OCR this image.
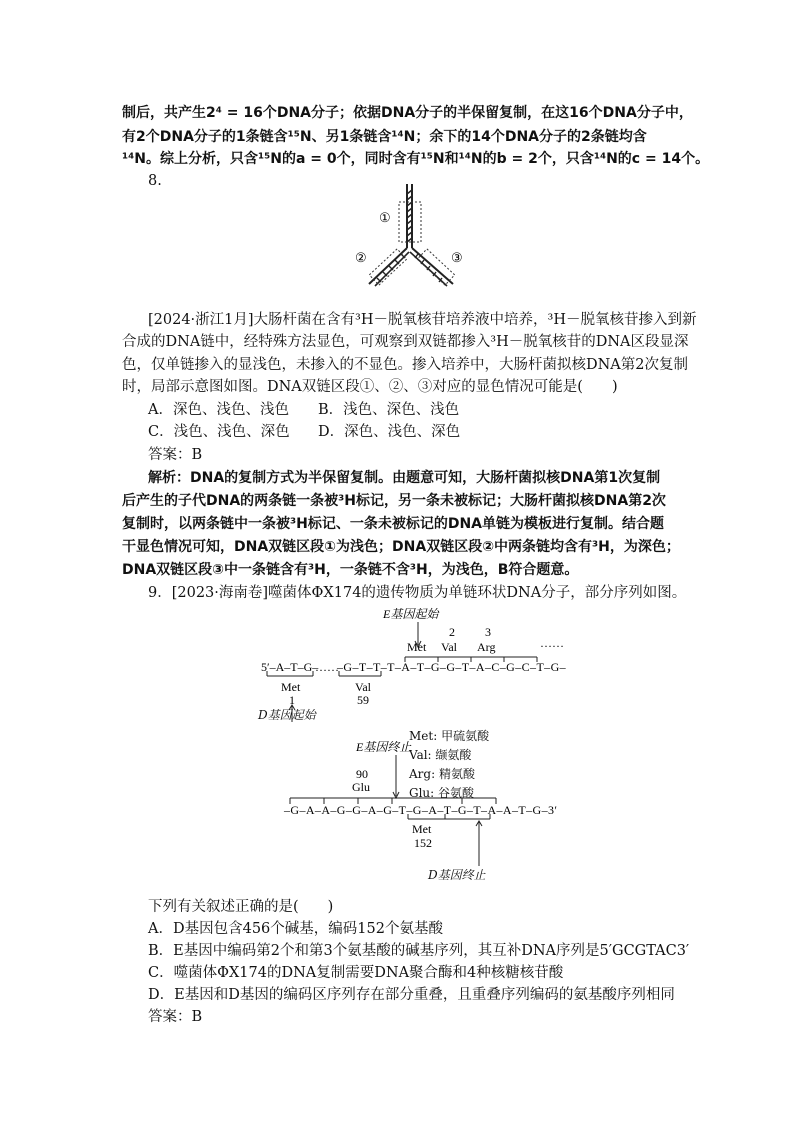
制后，共产生2⁴ = 16个DNA分子；依据DNA分子的半保留复制，在这16个DNA分子中，
有2个DNA分子的1条链含¹⁵N、另1条链含¹⁴N；余下的14个DNA分子的2条链均含
¹⁴N。综上分析，只含¹⁵N的a = 0个，同时含有¹⁵N和¹⁴N的b = 2个，只含¹⁴N的c = 14个。
8.
①
②	③
[2024·浙江1月]大肠杆菌在含有³H－脱氧核苷培养液中培养，³H－脱氧核苷掺入到新
合成的DNA链中，经特殊方法显色，可观察到双链都掺入³H－脱氧核苷的DNA区段显深
色，仅单链掺入的显浅色，未掺入的不显色。掺入培养中，大肠杆菌拟核DNA第2次复制
时，局部示意图如图。DNA双链区段①、②、③对应的显色情况可能是(　　)
A．深色、浅色、浅色 B．浅色、深色、浅色
C．浅色、浅色、深色 D．深色、浅色、深色
答案：B
解析：DNA的复制方式为半保留复制。由题意可知，大肠杆菌拟核DNA第1次复制
后产生的子代DNA的两条链一条被³H标记，另一条未被标记；大肠杆菌拟核DNA第2次
复制时，以两条链中一条被³H标记、一条未被标记的DNA单链为模板进行复制。结合题
干显色情况可知，DNA双链区段①为浅色；DNA双链区段②中两条链均含有³H，为深色；
DNA双链区段③中一条链含有³H，一条链不含³H，为浅色，B符合题意。
9．[2023·海南卷]噬菌体ΦX174的遗传物质为单链环状DNA分子，部分序列如图。
E基因起始
2	3
Met Val Arg	……
5′–A–T–G–
……
–G–T–T–T–A–T–G–G–T–A–C–G–C–T–G–
Met
1
Val
59
D基因起始
E基因终止
90
Glu
–G–A–A–G–G–A–G–T–G–A–T–G–T–A–A–T–G–3′
Met
152
D基因终止
Met: 甲硫氨酸
Val: 缬氨酸
Arg: 精氨酸
Glu: 谷氨酸
下列有关叙述正确的是(　　)
A．D基因包含456个碱基，编码152个氨基酸
B．E基因中编码第2个和第3个氨基酸的碱基序列，其互补DNA序列是5′GCGTAC3′
C．噬菌体ΦX174的DNA复制需要DNA聚合酶和4种核糖核苷酸
D．E基因和D基因的编码区序列存在部分重叠，且重叠序列编码的氨基酸序列相同
答案：B
